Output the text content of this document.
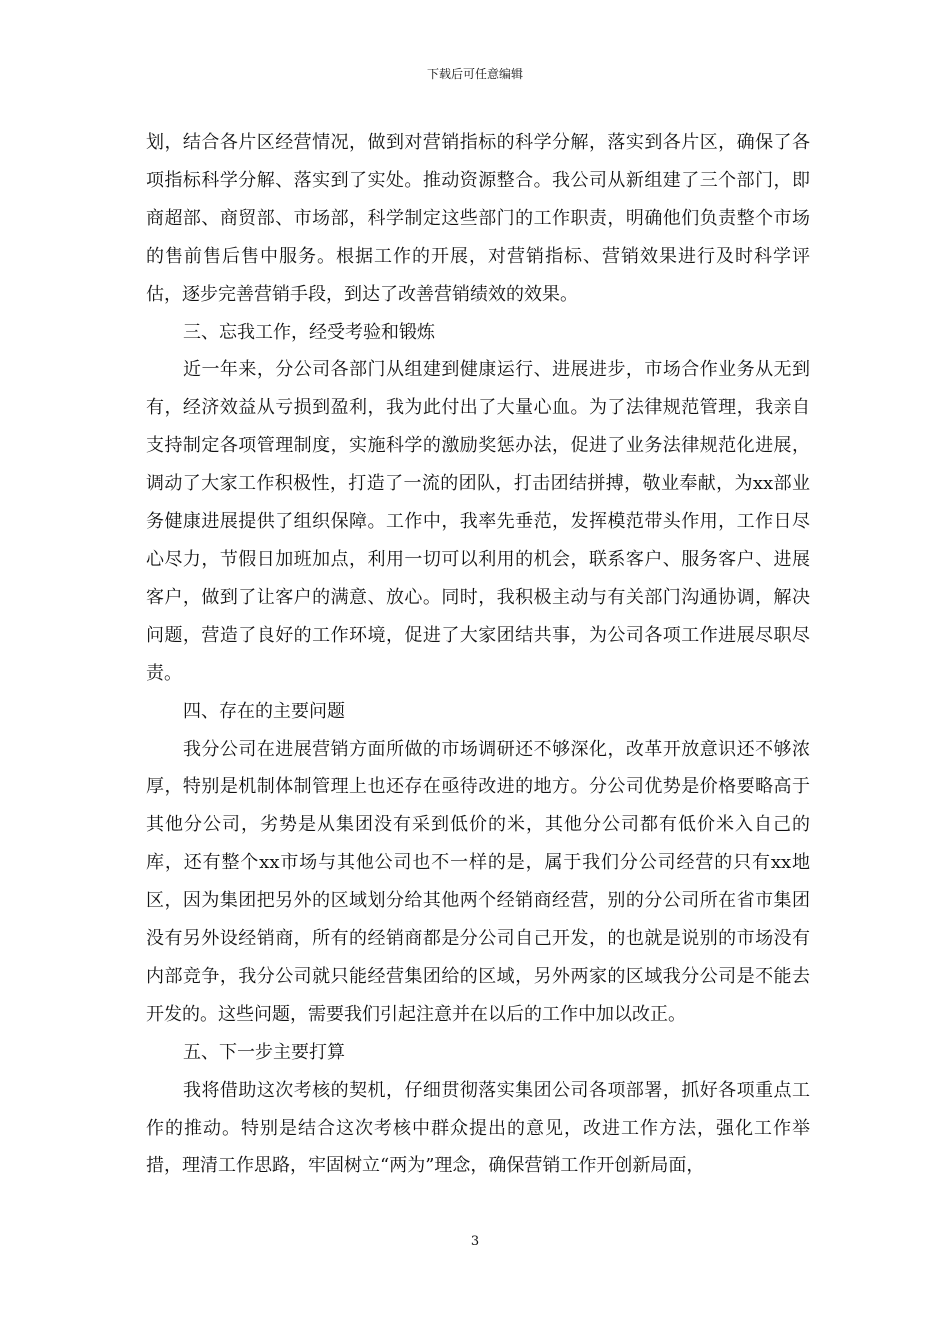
下载后可任意编辑

划，结合各片区经营情况，做到对营销指标的科学分解，落实到各片区，确保了各项指标科学分解、落实到了实处。推动资源整合。我公司从新组建了三个部门，即商超部、商贸部、市场部，科学制定这些部门的工作职责，明确他们负责整个市场的售前售后售中服务。根据工作的开展，对营销指标、营销效果进行及时科学评估，逐步完善营销手段，到达了改善营销绩效的效果。

三、忘我工作，经受考验和锻炼

近一年来，分公司各部门从组建到健康运行、进展进步，市场合作业务从无到有，经济效益从亏损到盈利，我为此付出了大量心血。为了法律规范管理，我亲自支持制定各项管理制度，实施科学的激励奖惩办法，促进了业务法律规范化进展，调动了大家工作积极性，打造了一流的团队，打击团结拼搏，敬业奉献，为xx部业务健康进展提供了组织保障。工作中，我率先垂范，发挥模范带头作用，工作日尽心尽力，节假日加班加点，利用一切可以利用的机会，联系客户、服务客户、进展客户，做到了让客户的满意、放心。同时，我积极主动与有关部门沟通协调，解决问题，营造了良好的工作环境，促进了大家团结共事，为公司各项工作进展尽职尽责。

四、存在的主要问题

我分公司在进展营销方面所做的市场调研还不够深化，改革开放意识还不够浓厚，特别是机制体制管理上也还存在亟待改进的地方。分公司优势是价格要略高于其他分公司，劣势是从集团没有采到低价的米，其他分公司都有低价米入自己的库，还有整个xx市场与其他公司也不一样的是，属于我们分公司经营的只有xx地区，因为集团把另外的区域划分给其他两个经销商经营，别的分公司所在省市集团没有另外设经销商，所有的经销商都是分公司自己开发，的也就是说别的市场没有内部竞争，我分公司就只能经营集团给的区域，另外两家的区域我分公司是不能去开发的。这些问题，需要我们引起注意并在以后的工作中加以改正。

五、下一步主要打算

我将借助这次考核的契机，仔细贯彻落实集团公司各项部署，抓好各项重点工作的推动。特别是结合这次考核中群众提出的意见，改进工作方法，强化工作举措，理清工作思路，牢固树立“两为”理念，确保营销工作开创新局面，

3
